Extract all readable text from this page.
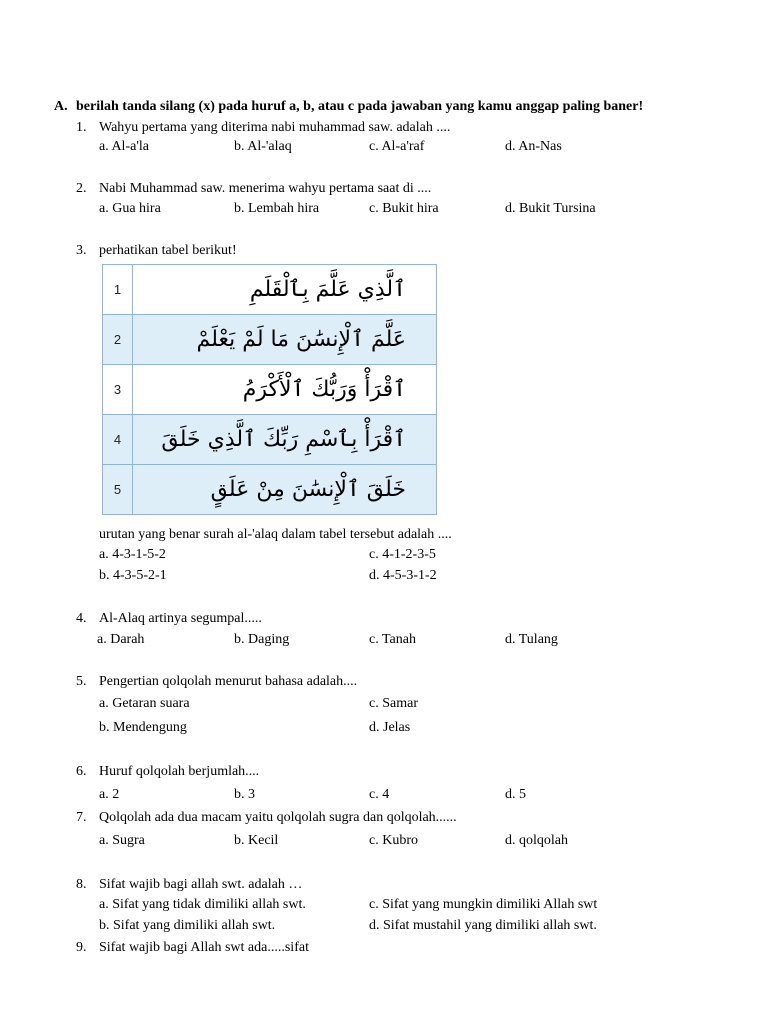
A. berilah tanda silang (x) pada huruf a, b, atau c pada jawaban yang kamu anggap paling baner!
1. Wahyu pertama yang diterima nabi muhammad saw. adalah ....
a. Al-a'la	b. Al-'alaq	c. Al-a'raf	d. An-Nas
2. Nabi Muhammad saw. menerima wahyu pertama saat di ....
a. Gua hira	b. Lembah hira	c. Bukit hira	d. Bukit Tursina
3. perhatikan tabel berikut!
1	ٱلَّذِي عَلَّمَ بِٱلْقَلَمِ
2	عَلَّمَ ٱلْإِنسَٰنَ مَا لَمْ يَعْلَمْ
3	ٱقْرَأْ وَرَبُّكَ ٱلْأَكْرَمُ
4	ٱقْرَأْ بِٱسْمِ رَبِّكَ ٱلَّذِي خَلَقَ
5	خَلَقَ ٱلْإِنسَٰنَ مِنْ عَلَقٍ
urutan yang benar surah al-'alaq dalam tabel tersebut adalah ....
a. 4-3-1-5-2	c. 4-1-2-3-5
b. 4-3-5-2-1	d. 4-5-3-1-2
4. Al-Alaq artinya segumpal.....
a. Darah	b. Daging	c. Tanah	d. Tulang
5. Pengertian qolqolah menurut bahasa adalah....
a. Getaran suara	c. Samar
b. Mendengung	d. Jelas
6. Huruf qolqolah berjumlah....
a. 2	b. 3	c. 4	d. 5
7. Qolqolah ada dua macam yaitu qolqolah sugra dan qolqolah......
a. Sugra	b. Kecil	c. Kubro	d. qolqolah
8. Sifat wajib bagi allah swt. adalah …
a. Sifat yang tidak dimiliki allah swt.	c. Sifat yang mungkin dimiliki Allah swt
b. Sifat yang dimiliki allah swt.	d. Sifat mustahil yang dimiliki allah swt.
9. Sifat wajib bagi Allah swt ada.....sifat
